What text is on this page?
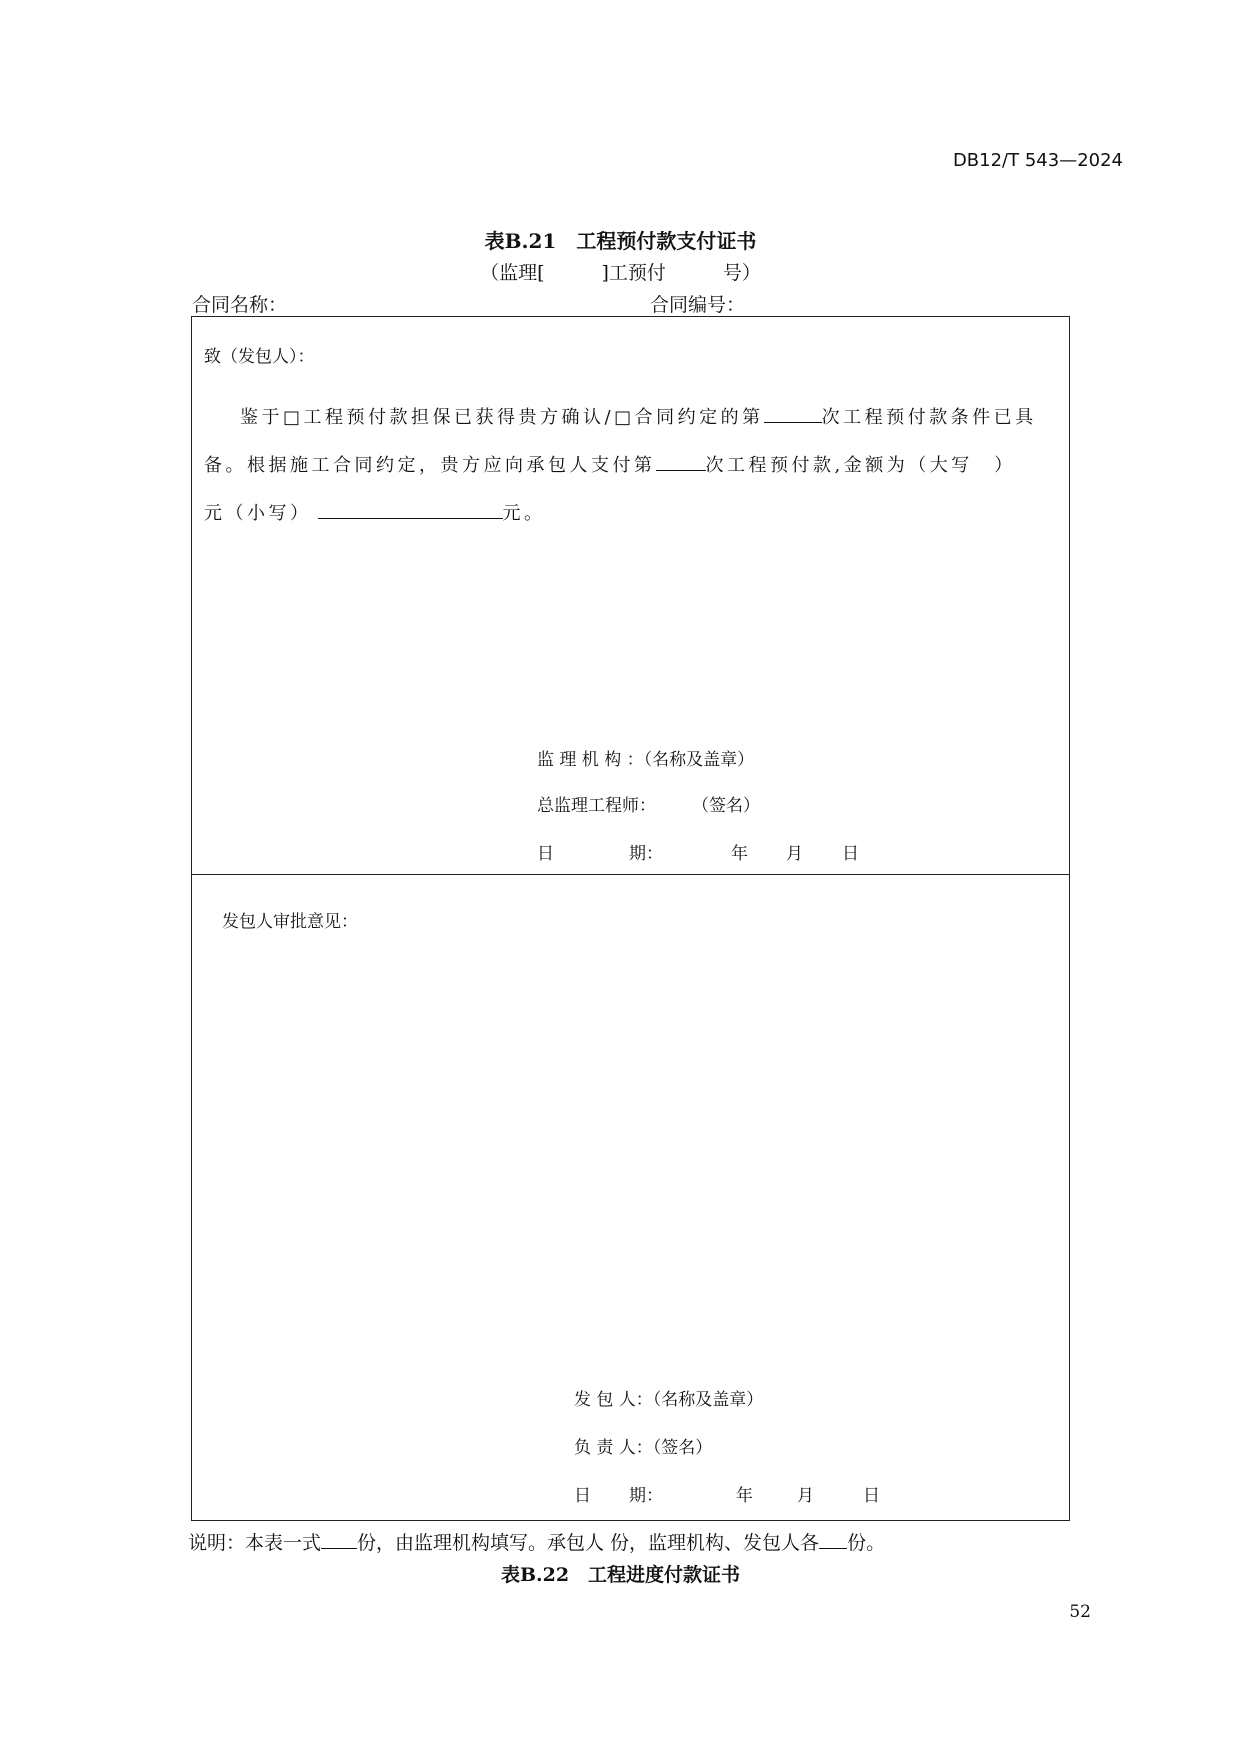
DB12/T 543—2024
表B.21　工程预付款支付证书
（监理[　　　]工预付　　　号）
合同名称：	合同编号：
致（发包人）：
鉴于□工程预付款担保已获得贵方确认/□合同约定的第	次工程预付款条件已具
备。根据施工合同约定，贵方应向承包人支付第	次工程预付款,金额为（大写　）
元（小写）	元。
监 理 机 构 ：（名称及盖章）
总监理工程师： （签名）
日	期：	年 月 日
发包人审批意见：
发 包 人：（名称及盖章）
负 责 人：（签名）
日 期：	年	月	日
说明：本表一式 份，由监理机构填写。承包人 份，监理机构、发包人各 份。
表B.22　工程进度付款证书
52
